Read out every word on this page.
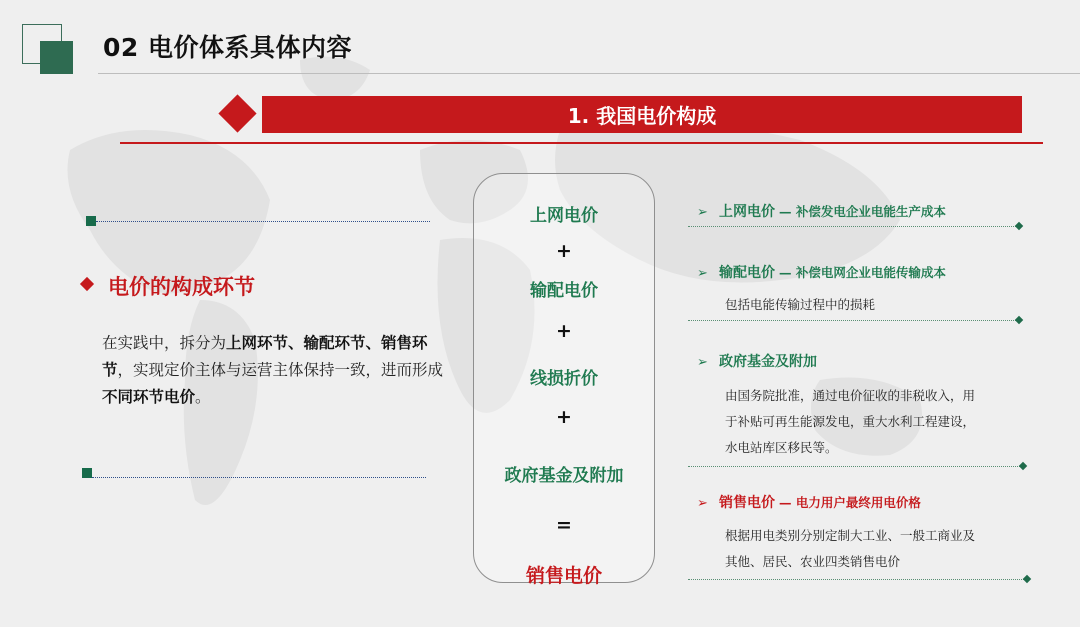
02 电价体系具体内容
1. 我国电价构成
电价的构成环节
在实践中，拆分为上网环节、输配环节、销售环节，实现定价主体与运营主体保持一致，进而形成不同环节电价。
上网电价
+
输配电价
+
线损折价
+
政府基金及附加
=
销售电价
➢ 上网电价 — 补偿发电企业电能生产成本
➢ 输配电价 — 补偿电网企业电能传输成本
包括电能传输过程中的损耗
➢ 政府基金及附加
由国务院批准，通过电价征收的非税收入，用
于补贴可再生能源发电，重大水利工程建设，
水电站库区移民等。
➢ 销售电价 — 电力用户最终用电价格
根据用电类别分别定制大工业、一般工商业及
其他、居民、农业四类销售电价
